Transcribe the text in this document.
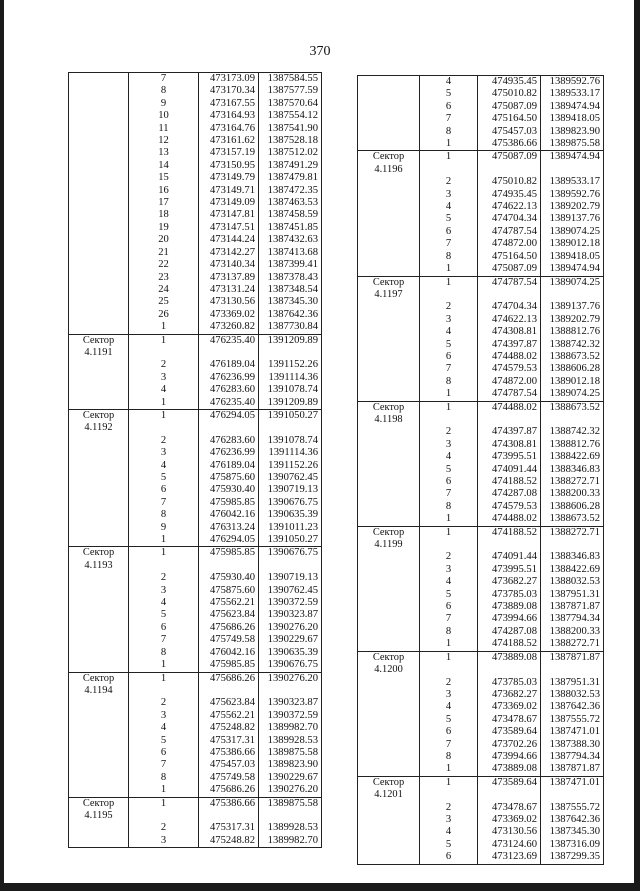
370
	7	473173.09	1387584.55
	8	473170.34	1387577.59
	9	473167.55	1387570.64
	10	473164.93	1387554.12
	11	473164.76	1387541.90
	12	473161.62	1387528.18
	13	473157.19	1387512.02
	14	473150.95	1387491.29
	15	473149.79	1387479.81
	16	473149.71	1387472.35
	17	473149.09	1387463.53
	18	473147.81	1387458.59
	19	473147.51	1387451.85
	20	473144.24	1387432.63
	21	473142.27	1387413.68
	22	473140.34	1387399.41
	23	473137.89	1387378.43
	24	473131.24	1387348.54
	25	473130.56	1387345.30
	26	473369.02	1387642.36
	1	473260.82	1387730.84
Сектор 4.1191	1	476235.40	1391209.89
	2	476189.04	1391152.26
	3	476236.99	1391114.36
	4	476283.60	1391078.74
	1	476235.40	1391209.89
Сектор 4.1192	1	476294.05	1391050.27
	2	476283.60	1391078.74
	3	476236.99	1391114.36
	4	476189.04	1391152.26
	5	475875.60	1390762.45
	6	475930.40	1390719.13
	7	475985.85	1390676.75
	8	476042.16	1390635.39
	9	476313.24	1391011.23
	1	476294.05	1391050.27
Сектор 4.1193	1	475985.85	1390676.75
	2	475930.40	1390719.13
	3	475875.60	1390762.45
	4	475562.21	1390372.59
	5	475623.84	1390323.87
	6	475686.26	1390276.20
	7	475749.58	1390229.67
	8	476042.16	1390635.39
	1	475985.85	1390676.75
Сектор 4.1194	1	475686.26	1390276.20
	2	475623.84	1390323.87
	3	475562.21	1390372.59
	4	475248.82	1389982.70
	5	475317.31	1389928.53
	6	475386.66	1389875.58
	7	475457.03	1389823.90
	8	475749.58	1390229.67
	1	475686.26	1390276.20
Сектор 4.1195	1	475386.66	1389875.58
	2	475317.31	1389928.53
	3	475248.82	1389982.70
	4	474935.45	1389592.76
	5	475010.82	1389533.17
	6	475087.09	1389474.94
	7	475164.50	1389418.05
	8	475457.03	1389823.90
	1	475386.66	1389875.58
Сектор 4.1196	1	475087.09	1389474.94
	2	475010.82	1389533.17
	3	474935.45	1389592.76
	4	474622.13	1389202.79
	5	474704.34	1389137.76
	6	474787.54	1389074.25
	7	474872.00	1389012.18
	8	475164.50	1389418.05
	1	475087.09	1389474.94
Сектор 4.1197	1	474787.54	1389074.25
	2	474704.34	1389137.76
	3	474622.13	1389202.79
	4	474308.81	1388812.76
	5	474397.87	1388742.32
	6	474488.02	1388673.52
	7	474579.53	1388606.28
	8	474872.00	1389012.18
	1	474787.54	1389074.25
Сектор 4.1198	1	474488.02	1388673.52
	2	474397.87	1388742.32
	3	474308.81	1388812.76
	4	473995.51	1388422.69
	5	474091.44	1388346.83
	6	474188.52	1388272.71
	7	474287.08	1388200.33
	8	474579.53	1388606.28
	1	474488.02	1388673.52
Сектор 4.1199	1	474188.52	1388272.71
	2	474091.44	1388346.83
	3	473995.51	1388422.69
	4	473682.27	1388032.53
	5	473785.03	1387951.31
	6	473889.08	1387871.87
	7	473994.66	1387794.34
	8	474287.08	1388200.33
	1	474188.52	1388272.71
Сектор 4.1200	1	473889.08	1387871.87
	2	473785.03	1387951.31
	3	473682.27	1388032.53
	4	473369.02	1387642.36
	5	473478.67	1387555.72
	6	473589.64	1387471.01
	7	473702.26	1387388.30
	8	473994.66	1387794.34
	1	473889.08	1387871.87
Сектор 4.1201	1	473589.64	1387471.01
	2	473478.67	1387555.72
	3	473369.02	1387642.36
	4	473130.56	1387345.30
	5	473124.60	1387316.09
	6	473123.69	1387299.35
